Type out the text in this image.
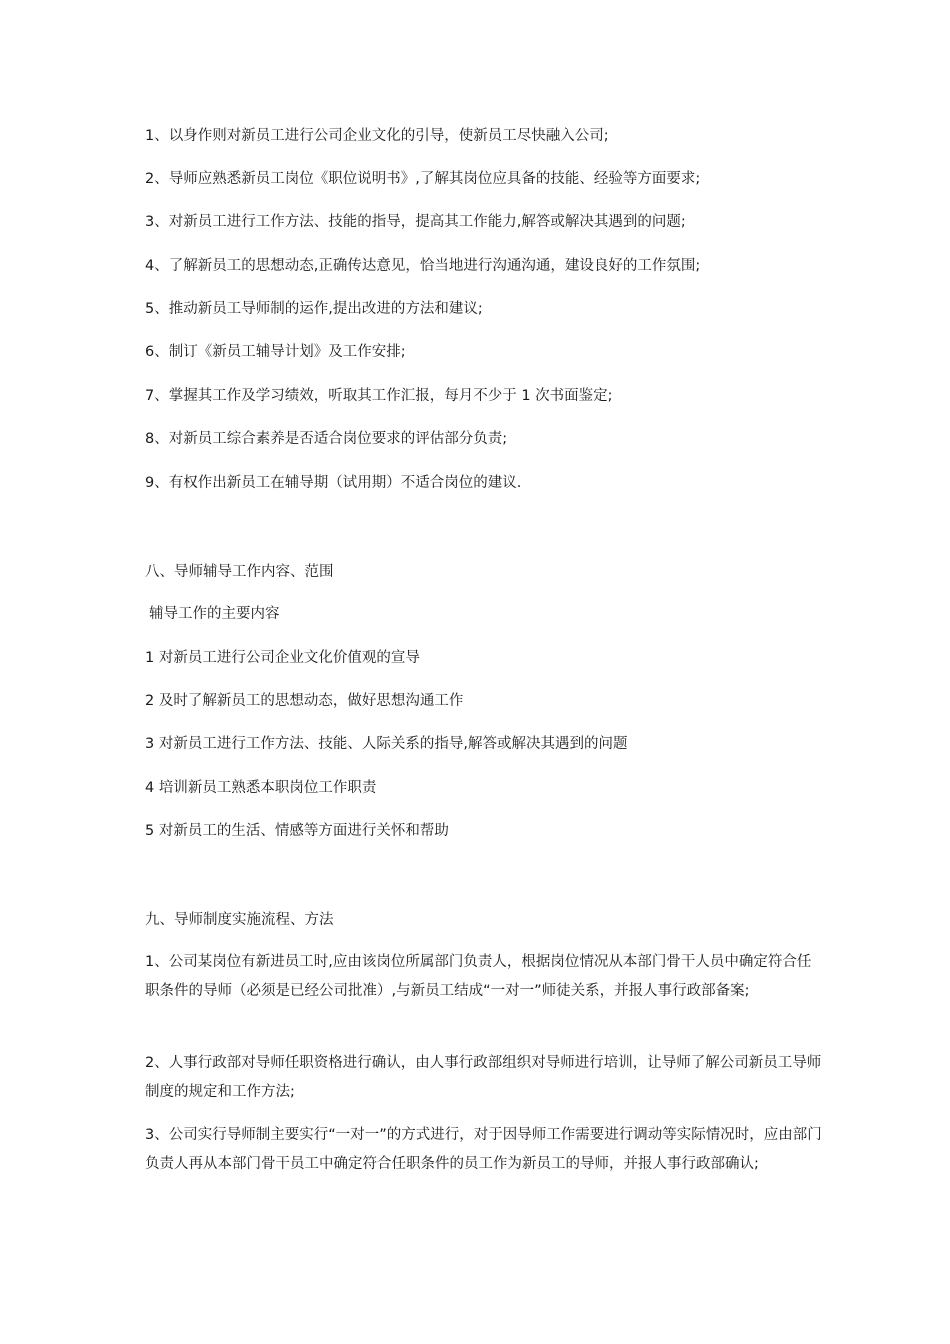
1、以身作则对新员工进行公司企业文化的引导，使新员工尽快融入公司;
2、导师应熟悉新员工岗位《职位说明书》,了解其岗位应具备的技能、经验等方面要求;
3、对新员工进行工作方法、技能的指导，提高其工作能力,解答或解决其遇到的问题;
4、了解新员工的思想动态,正确传达意见，恰当地进行沟通沟通，建设良好的工作氛围;
5、推动新员工导师制的运作,提出改进的方法和建议;
6、制订《新员工辅导计划》及工作安排;
7、掌握其工作及学习绩效，听取其工作汇报，每月不少于 1 次书面鉴定;
8、对新员工综合素养是否适合岗位要求的评估部分负责;
9、有权作出新员工在辅导期（试用期）不适合岗位的建议.
八、导师辅导工作内容、范围
辅导工作的主要内容
1 对新员工进行公司企业文化价值观的宣导
2 及时了解新员工的思想动态，做好思想沟通工作
3 对新员工进行工作方法、技能、人际关系的指导,解答或解决其遇到的问题
4 培训新员工熟悉本职岗位工作职责
5 对新员工的生活、情感等方面进行关怀和帮助
九、导师制度实施流程、方法
1、公司某岗位有新进员工时,应由该岗位所属部门负责人，根据岗位情况从本部门骨干人员中确定符合任职条件的导师（必须是已经公司批准）,与新员工结成“一对一”师徒关系，并报人事行政部备案;
2、人事行政部对导师任职资格进行确认，由人事行政部组织对导师进行培训，让导师了解公司新员工导师制度的规定和工作方法;
3、公司实行导师制主要实行“一对一”的方式进行，对于因导师工作需要进行调动等实际情况时，应由部门负责人再从本部门骨干员工中确定符合任职条件的员工作为新员工的导师，并报人事行政部确认;
